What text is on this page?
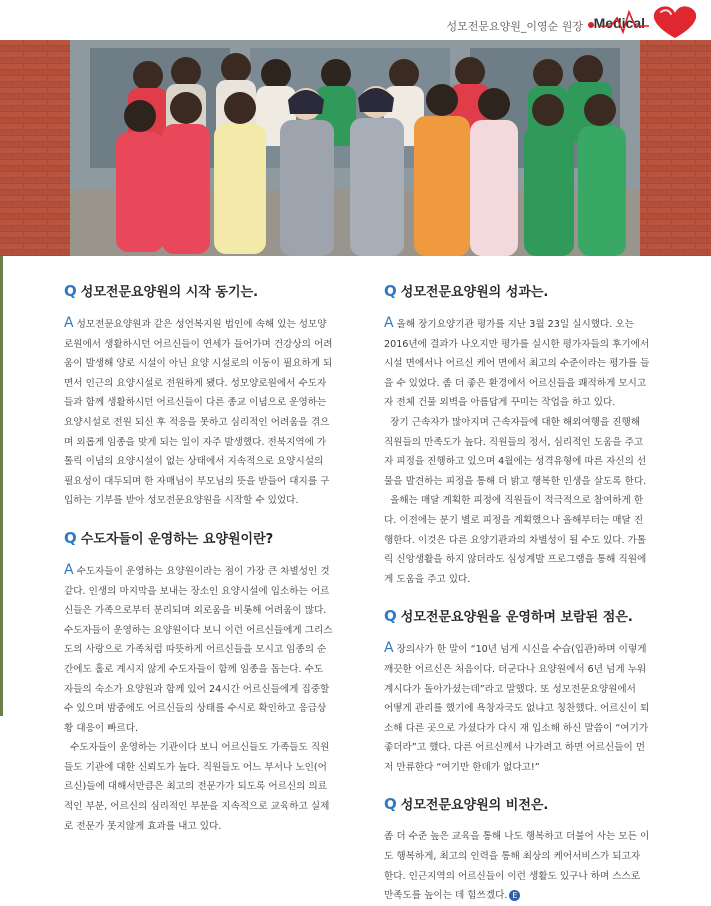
성모전문요양원_이영순 원장 Medical
Q 성모전문요양원의 시작 동기는.
A 성모전문요양원과 같은 성언복지원 법인에 속해 있는 성모양
로원에서 생활하시던 어르신들이 연세가 들어가며 건강상의 어려
움이 발생해 양로 시설이 아닌 요양 시설로의 이동이 필요하게 되
면서 인근의 요양시설로 전원하게 됐다. 성모양로원에서 수도자
들과 함께 생활하시던 어르신들이 다른 종교 이념으로 운영하는
요양시설로 전원 되신 후 적응을 못하고 심리적인 어려움을 겪으
며 외롭게 임종을 맞게 되는 일이 자주 발생했다. 전북지역에 가
톨릭 이념의 요양시설이 없는 상태에서 지속적으로 요양시설의
필요성이 대두되며 한 자매님이 부모님의 뜻을 받들어 대지를 구
입하는 기부를 받아 성모전문요양원을 시작할 수 있었다.
Q 수도자들이 운영하는 요양원이란?
A 수도자들이 운영하는 요양원이라는 점이 가장 큰 차별성인 것
같다. 인생의 마지막을 보내는 장소인 요양시설에 입소하는 어르
신들은 가족으로부터 분리되며 외로움을 비롯해 어려움이 많다.
수도자들이 운영하는 요양원이다 보니 이런 어르신들에게 그리스
도의 사랑으로 가족처럼 따뜻하게 어르신들을 모시고 임종의 순
간에도 홀로 계시지 않게 수도자들이 함께 임종을 돕는다. 수도
자들의 숙소가 요양원과 함께 있어 24시간 어르신들에게 집중할
수 있으며 밤중에도 어르신들의 상태를 수시로 확인하고 응급상
황 대응이 빠르다.
수도자들이 운영하는 기관이다 보니 어르신들도 가족들도 직원
들도 기관에 대한 신뢰도가 높다. 직원들도 어느 부서나 노인(어
르신)들에 대해서만큼은 최고의 전문가가 되도록 어르신의 의료
적인 부분, 어르신의 심리적인 부분을 지속적으로 교육하고 실제
로 전문가 못지않게 효과를 내고 있다.
Q 성모전문요양원의 성과는.
A 올해 장기요양기관 평가를 지난 3월 23일 실시했다. 오는
2016년에 결과가 나오지만 평가를 실시한 평가자들의 후기에서
시설 면에서나 어르신 케어 면에서 최고의 수준이라는 평가를 들
을 수 있었다. 좀 더 좋은 환경에서 어르신들을 쾌적하게 모시고
자 전체 건물 외벽을 아름답게 꾸미는 작업을 하고 있다.
장기 근속자가 많아지며 근속자들에 대한 해외여행을 진행해
직원들의 만족도가 높다. 직원들의 정서, 심리적인 도움을 주고
자 피정을 진행하고 있으며 4월에는 성격유형에 따른 자신의 선
물을 발견하는 피정을 통해 더 밝고 행복한 인생을 살도록 한다.
올해는 매달 계획한 피정에 직원들이 적극적으로 참여하게 한
다. 이전에는 분기 별로 피정을 계획했으나 올해부터는 매달 진
행한다. 이것은 다른 요양기관과의 차별성이 될 수도 있다. 가톨
릭 신앙생활을 하지 않더라도 심성계발 프로그램을 통해 직원에
게 도움을 주고 있다.
Q 성모전문요양원을 운영하며 보람된 점은.
A 장의사가 한 말이 “10년 넘게 시신을 수습(입관)하며 이렇게
깨끗한 어르신은 처음이다. 더군다나 요양원에서 6년 넘게 누워
계시다가 돌아가셨는데”라고 말했다. 또 성모전문요양원에서
어떻게 관리를 했기에 욕창자국도 없냐고 칭찬했다. 어르신이 퇴
소해 다른 곳으로 가셨다가 다시 재 입소해 하신 말씀이 “여기가
좋더라”고 했다. 다른 어르신께서 나가려고 하면 어르신들이 먼
저 만류한다 “여기만 한데가 없다고!”
Q 성모전문요양원의 비전은.
좀 더 수준 높은 교육을 통해 나도 행복하고 더불어 사는 모든 이
도 행복하게, 최고의 인력을 통해 최상의 케어서비스가 되고자
한다. 인근지역의 어르신들이 이런 생활도 있구나 하며 스스로
만족도를 높이는 데 힘쓰겠다. E
